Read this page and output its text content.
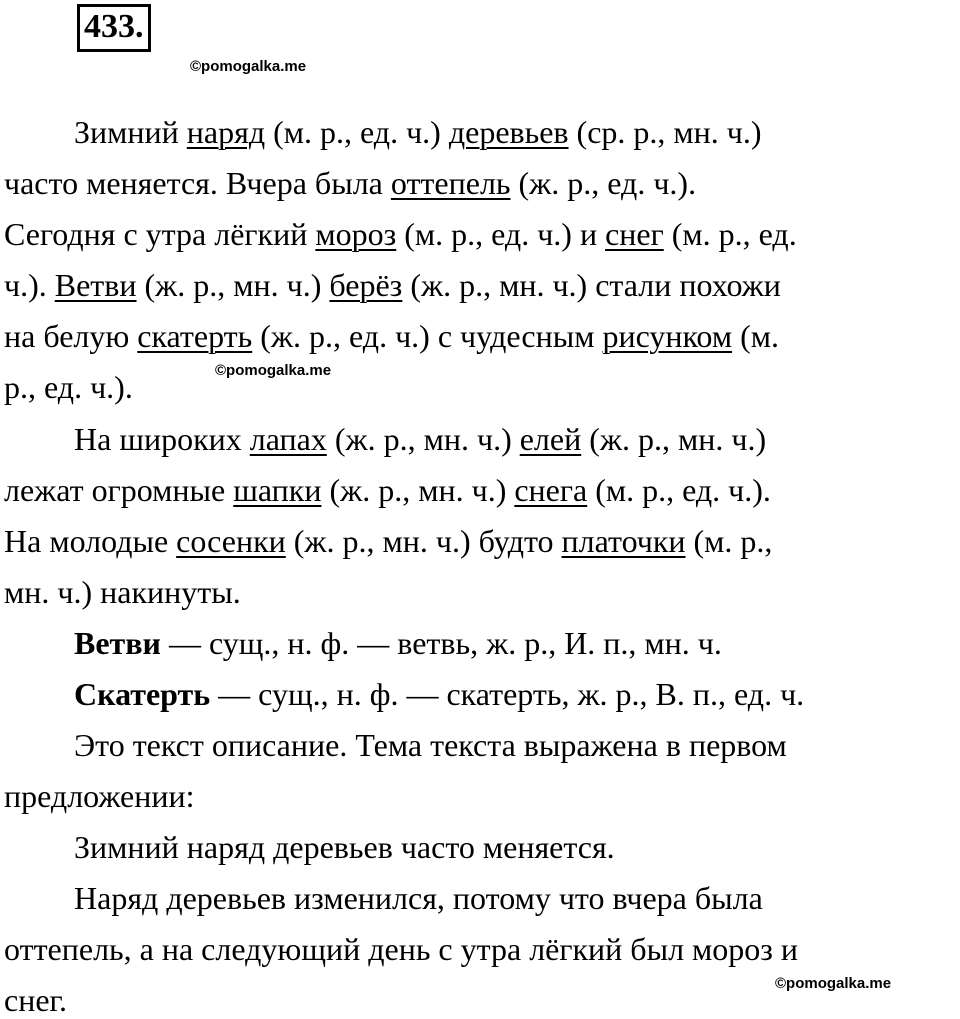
433.
©pomogalka.me
Зимний наряд (м. р., ед. ч.) деревьев (ср. р., мн. ч.)
часто меняется. Вчера была оттепель (ж. р., ед. ч.).
Сегодня с утра лёгкий мороз (м. р., ед. ч.) и снег (м. р., ед.
ч.). Ветви (ж. р., мн. ч.) берёз (ж. р., мн. ч.) стали похожи
на белую скатерть (ж. р., ед. ч.) с чудесным рисунком (м.
©pomogalka.me
р., ед. ч.).
На широких лапах (ж. р., мн. ч.) елей (ж. р., мн. ч.)
лежат огромные шапки (ж. р., мн. ч.) снега (м. р., ед. ч.).
На молодые сосенки (ж. р., мн. ч.) будто платочки (м. р.,
мн. ч.) накинуты.
Ветви — сущ., н. ф. — ветвь, ж. р., И. п., мн. ч.
Скатерть — сущ., н. ф. — скатерть, ж. р., В. п., ед. ч.
Это текст описание. Тема текста выражена в первом
предложении:
Зимний наряд деревьев часто меняется.
Наряд деревьев изменился, потому что вчера была
оттепель, а на следующий день с утра лёгкий был мороз и
снег.	©pomogalka.me
